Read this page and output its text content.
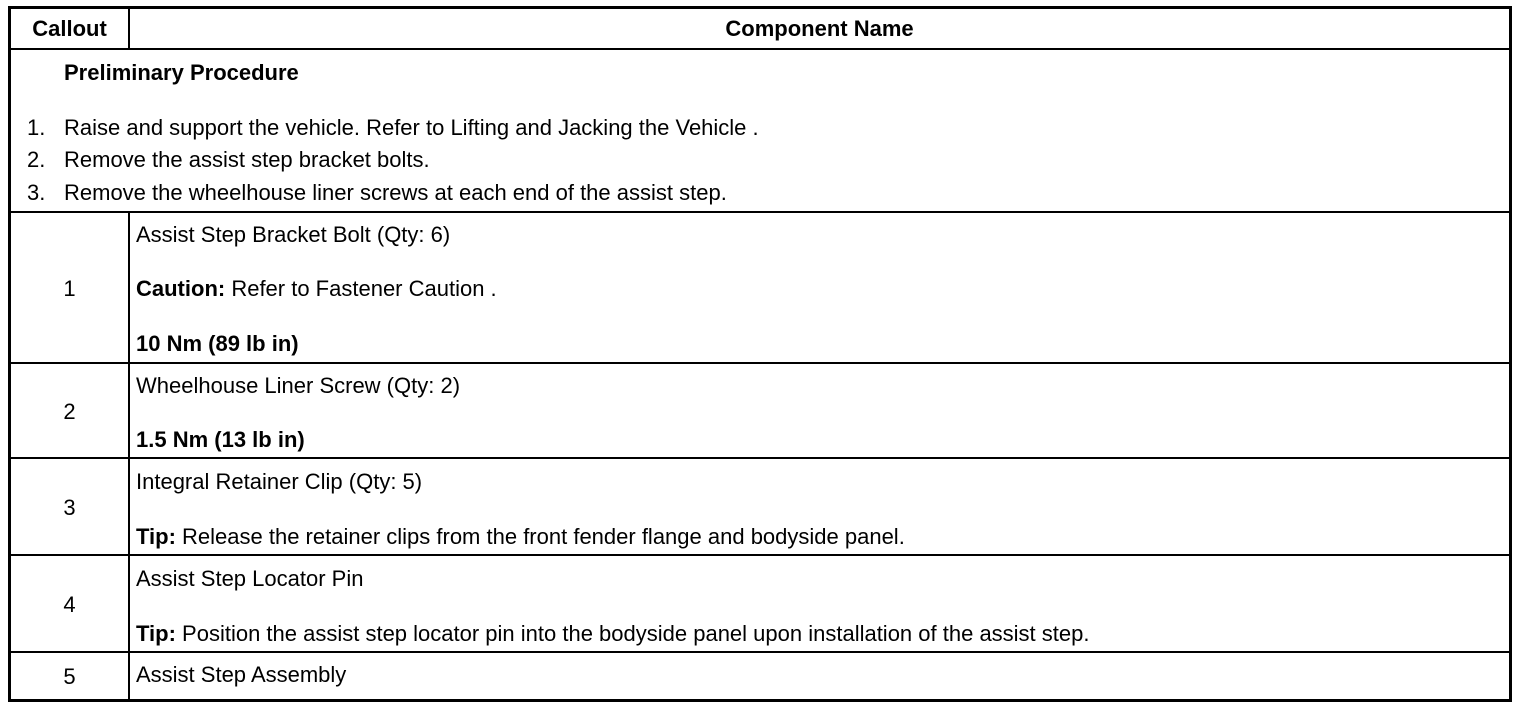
Callout	Component Name
Preliminary Procedure
1. Raise and support the vehicle. Refer to Lifting and Jacking the Vehicle .
2. Remove the assist step bracket bolts.
3. Remove the wheelhouse liner screws at each end of the assist step.
1
Assist Step Bracket Bolt (Qty: 6)
Caution: Refer to Fastener Caution .
10 Nm (89 lb in)
2
Wheelhouse Liner Screw (Qty: 2)
1.5 Nm (13 lb in)
3
Integral Retainer Clip (Qty: 5)
Tip: Release the retainer clips from the front fender flange and bodyside panel.
4
Assist Step Locator Pin
Tip: Position the assist step locator pin into the bodyside panel upon installation of the assist step.
5	Assist Step Assembly
